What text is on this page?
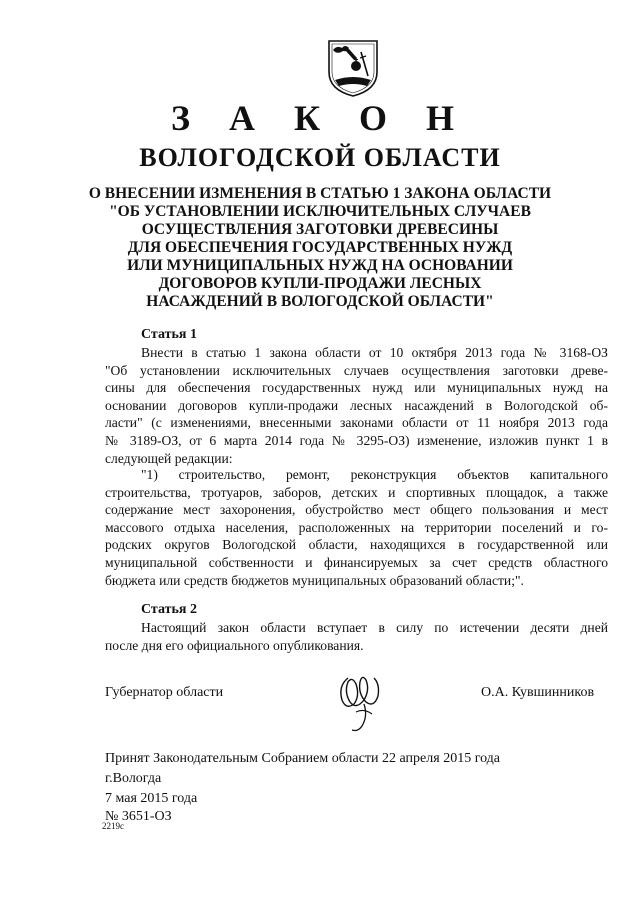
З А К О Н
ВОЛОГОДСКОЙ ОБЛАСТИ
О ВНЕСЕНИИ ИЗМЕНЕНИЯ В СТАТЬЮ 1 ЗАКОНА ОБЛАСТИ
"ОБ УСТАНОВЛЕНИИ ИСКЛЮЧИТЕЛЬНЫХ СЛУЧАЕВ
ОСУЩЕСТВЛЕНИЯ ЗАГОТОВКИ ДРЕВЕСИНЫ
ДЛЯ ОБЕСПЕЧЕНИЯ ГОСУДАРСТВЕННЫХ НУЖД
ИЛИ МУНИЦИПАЛЬНЫХ НУЖД НА ОСНОВАНИИ
ДОГОВОРОВ КУПЛИ-ПРОДАЖИ ЛЕСНЫХ
НАСАЖДЕНИЙ В ВОЛОГОДСКОЙ ОБЛАСТИ"
Статья 1
Внести в статью 1 закона области от 10 октября 2013 года № 3168-ОЗ
"Об установлении исключительных случаев осуществления заготовки древе-
сины для обеспечения государственных нужд или муниципальных нужд на
основании договоров купли-продажи лесных насаждений в Вологодской об-
ласти" (с изменениями, внесенными законами области от 11 ноября 2013 года
№ 3189-ОЗ, от 6 марта 2014 года № 3295-ОЗ) изменение, изложив пункт 1 в
следующей редакции:
"1) строительство, ремонт, реконструкция объектов капитального
строительства, тротуаров, заборов, детских и спортивных площадок, а также
содержание мест захоронения, обустройство мест общего пользования и мест
массового отдыха населения, расположенных на территории поселений и го-
родских округов Вологодской области, находящихся в государственной или
муниципальной собственности и финансируемых за счет средств областного
бюджета или средств бюджетов муниципальных образований области;".
Статья 2
Настоящий закон области вступает в силу по истечении десяти дней
после дня его официального опубликования.
Губернатор области	О.А. Кувшинников
Принят Законодательным Собранием области 22 апреля 2015 года
г.Вологда
7 мая 2015 года
№ 3651-ОЗ
2219с
